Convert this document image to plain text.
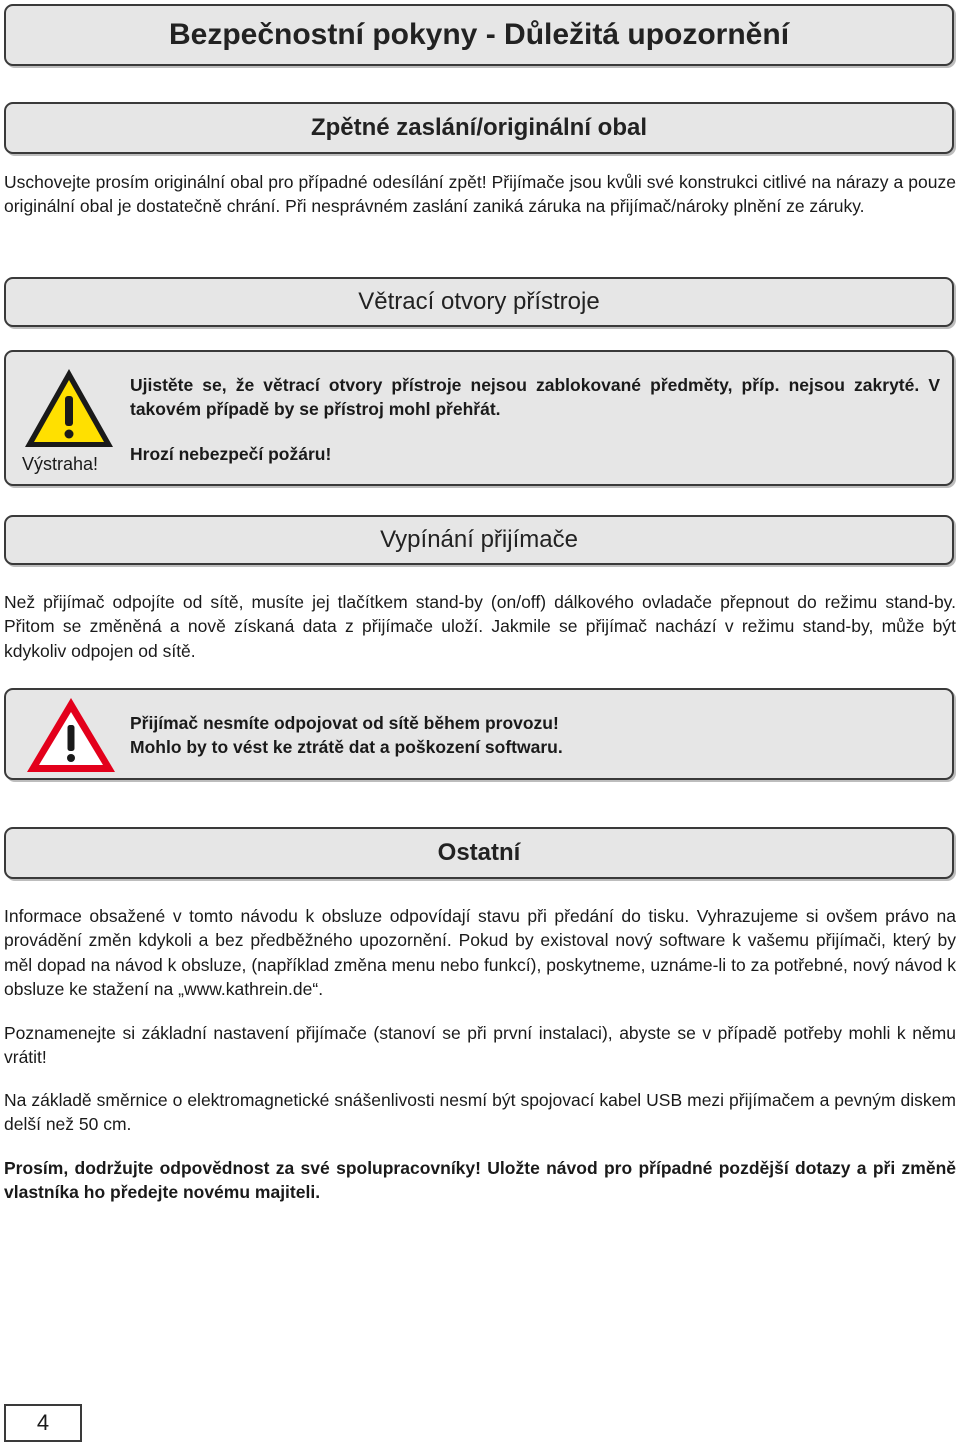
Bezpečnostní pokyny - Důležitá upozornění
Zpětné zaslání/originální obal

Uschovejte prosím originální obal pro případné odesílání zpět! Přijímače jsou kvůli své konstrukci citlivé na nárazy a pouze originální obal je dostatečně chrání. Při nesprávném zaslání zaniká záruka na přijímač/nároky plnění ze záruky.

Větrací otvory přístroje
Výstraha!
Ujistěte se, že větrací otvory přístroje nejsou zablokované předměty, příp. nejsou zakryté. V takovém případě by se přístroj mohl přehřát.
Hrozí nebezpečí požáru!
Vypínání přijímače

Než přijímač odpojíte od sítě, musíte jej tlačítkem stand-by (on/off) dálkového ovladače přepnout do režimu stand-by. Přitom se změněná a nově získaná data z přijímače uloží. Jakmile se přijímač nachází v režimu stand-by, může být kdykoliv odpojen od sítě.

Přijímač nesmíte odpojovat od sítě během provozu!
Mohlo by to vést ke ztrátě dat a poškození softwaru.
Ostatní

Informace obsažené v tomto návodu k obsluze odpovídají stavu při předání do tisku. Vyhrazujeme si ovšem právo na provádění změn kdykoli a bez předběžného upozornění. Pokud by existoval nový software k vašemu přijímači, který by měl dopad na návod k obsluze, (například změna menu nebo funkcí), poskytneme, uznáme-li to za potřebné, nový návod k obsluze ke stažení na „www.kathrein.de“.

Poznamenejte si základní nastavení přijímače (stanoví se při první instalaci), abyste se v případě potřeby mohli k němu vrátit!

Na základě směrnice o elektromagnetické snášenlivosti nesmí být spojovací kabel USB mezi přijímačem a pevným diskem delší než 50 cm.

Prosím, dodržujte odpovědnost za své spolupracovníky! Uložte návod pro případné pozdější dotazy a při změně vlastníka ho předejte novému majiteli.

4
